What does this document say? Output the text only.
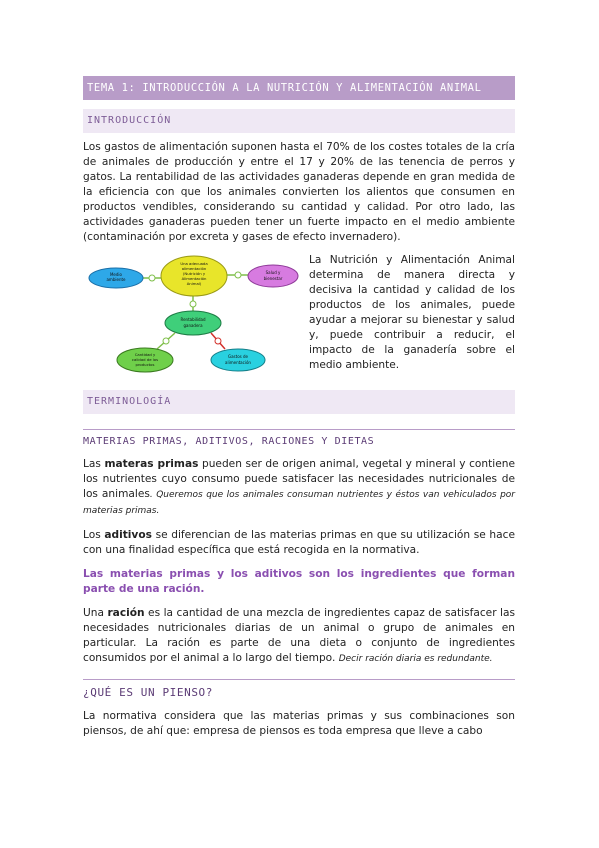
TEMA 1: INTRODUCCIÓN A LA NUTRICIÓN Y ALIMENTACIÓN ANIMAL
INTRODUCCIÓN

Los gastos de alimentación suponen hasta el 70% de los costes totales de la cría de animales de producción y entre el 17 y 20% de las tenencia de perros y gatos. La rentabilidad de las actividades ganaderas depende en gran medida de la eficiencia con que los animales convierten los alientos que consumen en productos vendibles, considerando su cantidad y calidad. Por otro lado, las actividades ganaderas pueden tener un fuerte impacto en el medio ambiente (contaminación por excreta y gases de efecto invernadero).

Medio
ambiente
Una adecuada
alimentación
(Nutrición y
Alimentación
Animal)
Salud y
bienestar
Rentabilidad
ganadera
Cantidad y
calidad de los
productos
Gastos de
alimentación

La Nutrición y Alimentación Animal determina de manera directa y decisiva la cantidad y calidad de los productos de los animales, puede ayudar a mejorar su bienestar y salud y, puede contribuir a reducir, el impacto de la ganadería sobre el medio ambiente.

TERMINOLOGÍA
MATERIAS PRIMAS, ADITIVOS, RACIONES Y DIETAS

Las materas primas pueden ser de origen animal, vegetal y mineral y contiene los nutrientes cuyo consumo puede satisfacer las necesidades nutricionales de los animales. Queremos que los animales consuman nutrientes y éstos van vehiculados por materias primas.

Los aditivos se diferencian de las materias primas en que su utilización se hace con una finalidad específica que está recogida en la normativa.

Las materias primas y los aditivos son los ingredientes que forman parte de una ración.

Una ración es la cantidad de una mezcla de ingredientes capaz de satisfacer las necesidades nutricionales diarias de un animal o grupo de animales en particular. La ración es parte de una dieta o conjunto de ingredientes consumidos por el animal a lo largo del tiempo. Decir ración diaria es redundante.

¿QUÉ ES UN PIENSO?

La normativa considera que las materias primas y sus combinaciones son piensos, de ahí que: empresa de piensos es toda empresa que lleve a cabo
